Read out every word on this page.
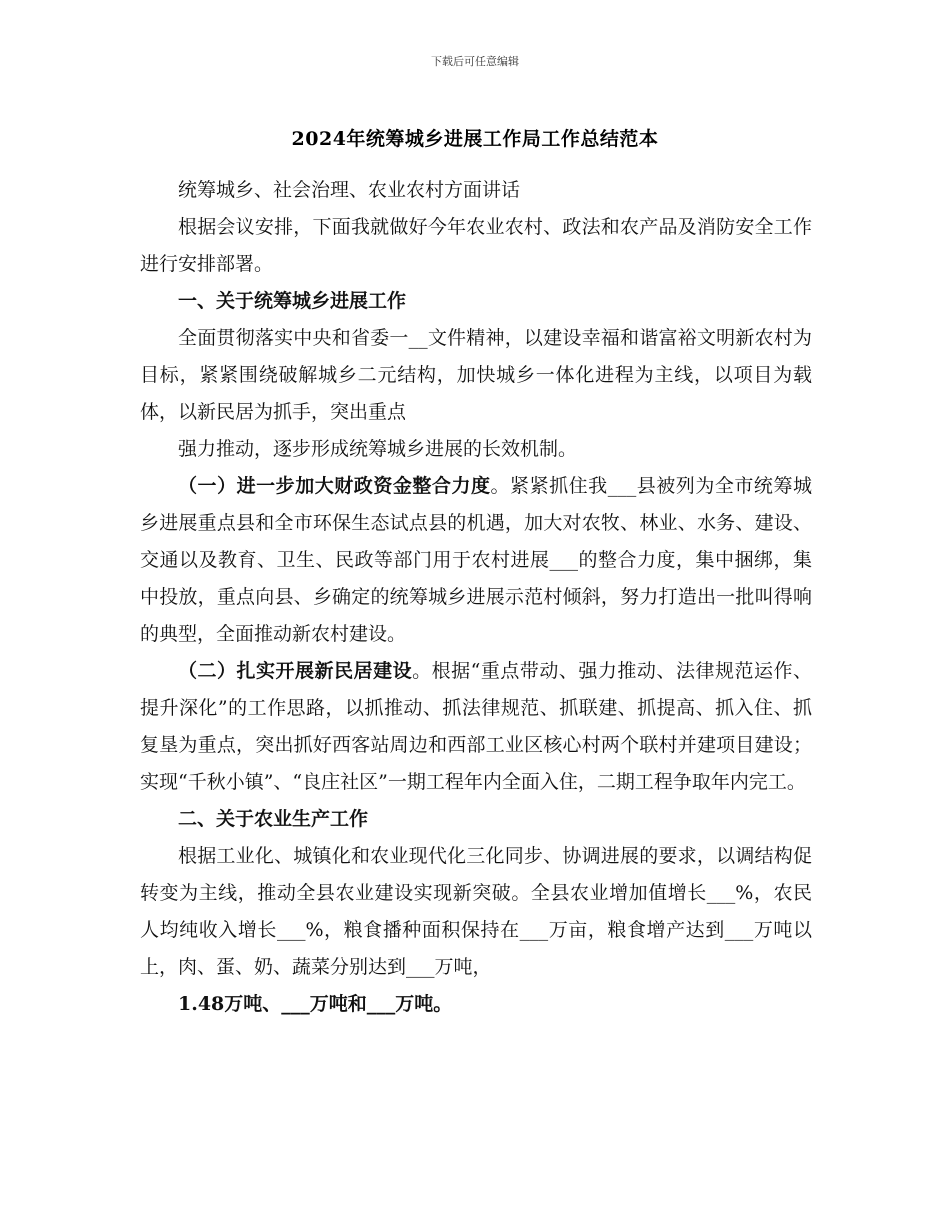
下载后可任意编辑
2024年统筹城乡进展工作局工作总结范本

统筹城乡、社会治理、农业农村方面讲话

根据会议安排，下面我就做好今年农业农村、政法和农产品及消防安全工作进行安排部署。

一、关于统筹城乡进展工作

全面贯彻落实中央和省委一__文件精神，以建设幸福和谐富裕文明新农村为目标，紧紧围绕破解城乡二元结构，加快城乡一体化进程为主线，以项目为载体，以新民居为抓手，突出重点

强力推动，逐步形成统筹城乡进展的长效机制。

（一）进一步加大财政资金整合力度。紧紧抓住我___县被列为全市统筹城乡进展重点县和全市环保生态试点县的机遇，加大对农牧、林业、水务、建设、交通以及教育、卫生、民政等部门用于农村进展___的整合力度，集中捆绑，集中投放，重点向县、乡确定的统筹城乡进展示范村倾斜，努力打造出一批叫得响的典型，全面推动新农村建设。

（二）扎实开展新民居建设。根据“重点带动、强力推动、法律规范运作、提升深化”的工作思路，以抓推动、抓法律规范、抓联建、抓提高、抓入住、抓复垦为重点，突出抓好西客站周边和西部工业区核心村两个联村并建项目建设；实现“千秋小镇”、“良庄社区”一期工程年内全面入住，二期工程争取年内完工。

二、关于农业生产工作

根据工业化、城镇化和农业现代化三化同步、协调进展的要求，以调结构促转变为主线，推动全县农业建设实现新突破。全县农业增加值增长___%，农民人均纯收入增长___%，粮食播种面积保持在___万亩，粮食增产达到___万吨以上，肉、蛋、奶、蔬菜分别达到___万吨，

1.48万吨、___万吨和___万吨。
